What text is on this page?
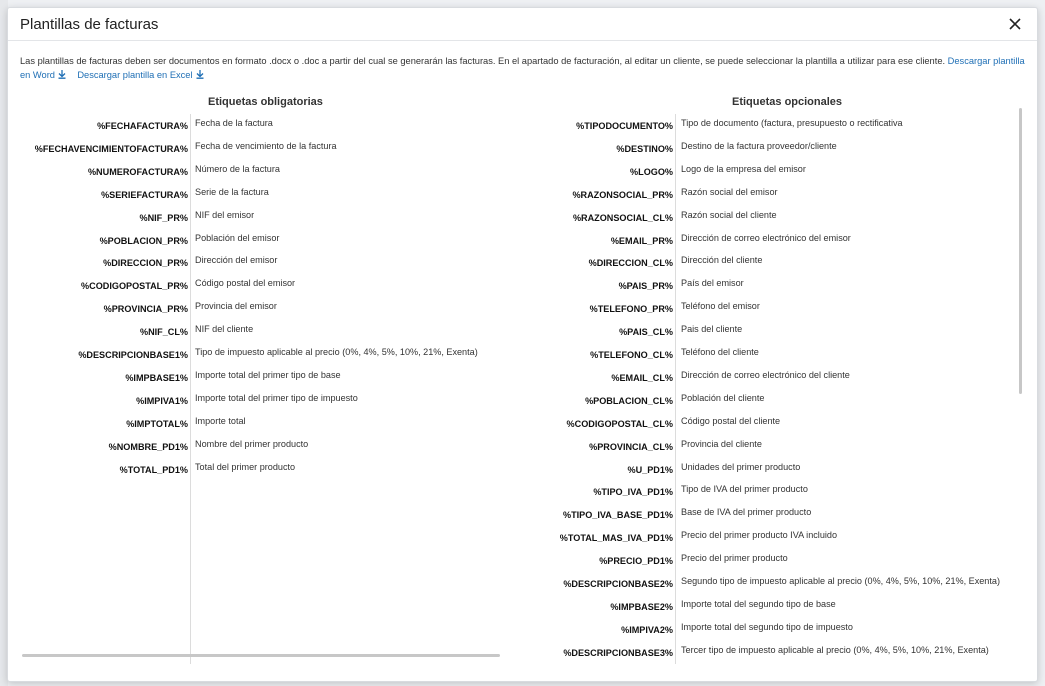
Plantillas de facturas
Las plantillas de facturas deben ser documentos en formato .docx o .doc a partir del cual se generarán las facturas. En el apartado de facturación, al editar un cliente, se puede seleccionar la plantilla a utilizar para ese cliente. Descargar plantilla en Word Descargar plantilla en Excel
Etiquetas obligatorias
%FECHAFACTURA% Fecha de la factura
%FECHAVENCIMIENTOFACTURA% Fecha de vencimiento de la factura
%NUMEROFACTURA% Número de la factura
%SERIEFACTURA% Serie de la factura
%NIF_PR% NIF del emisor
%POBLACION_PR% Población del emisor
%DIRECCION_PR% Dirección del emisor
%CODIGOPOSTAL_PR% Código postal del emisor
%PROVINCIA_PR% Provincia del emisor
%NIF_CL% NIF del cliente
%DESCRIPCIONBASE1% Tipo de impuesto aplicable al precio (0%, 4%, 5%, 10%, 21%, Exenta)
%IMPBASE1% Importe total del primer tipo de base
%IMPIVA1% Importe total del primer tipo de impuesto
%IMPTOTAL% Importe total
%NOMBRE_PD1% Nombre del primer producto
%TOTAL_PD1% Total del primer producto
Etiquetas opcionales
%TIPODOCUMENTO% Tipo de documento (factura, presupuesto o rectificativa
%DESTINO% Destino de la factura proveedor/cliente
%LOGO% Logo de la empresa del emisor
%RAZONSOCIAL_PR% Razón social del emisor
%RAZONSOCIAL_CL% Razón social del cliente
%EMAIL_PR% Dirección de correo electrónico del emisor
%DIRECCION_CL% Dirección del cliente
%PAIS_PR% País del emisor
%TELEFONO_PR% Teléfono del emisor
%PAIS_CL% Pais del cliente
%TELEFONO_CL% Teléfono del cliente
%EMAIL_CL% Dirección de correo electrónico del cliente
%POBLACION_CL% Población del cliente
%CODIGOPOSTAL_CL% Código postal del cliente
%PROVINCIA_CL% Provincia del cliente
%U_PD1% Unidades del primer producto
%TIPO_IVA_PD1% Tipo de IVA del primer producto
%TIPO_IVA_BASE_PD1% Base de IVA del primer producto
%TOTAL_MAS_IVA_PD1% Precio del primer producto IVA incluido
%PRECIO_PD1% Precio del primer producto
%DESCRIPCIONBASE2% Segundo tipo de impuesto aplicable al precio (0%, 4%, 5%, 10%, 21%, Exenta)
%IMPBASE2% Importe total del segundo tipo de base
%IMPIVA2% Importe total del segundo tipo de impuesto
%DESCRIPCIONBASE3% Tercer tipo de impuesto aplicable al precio (0%, 4%, 5%, 10%, 21%, Exenta)
